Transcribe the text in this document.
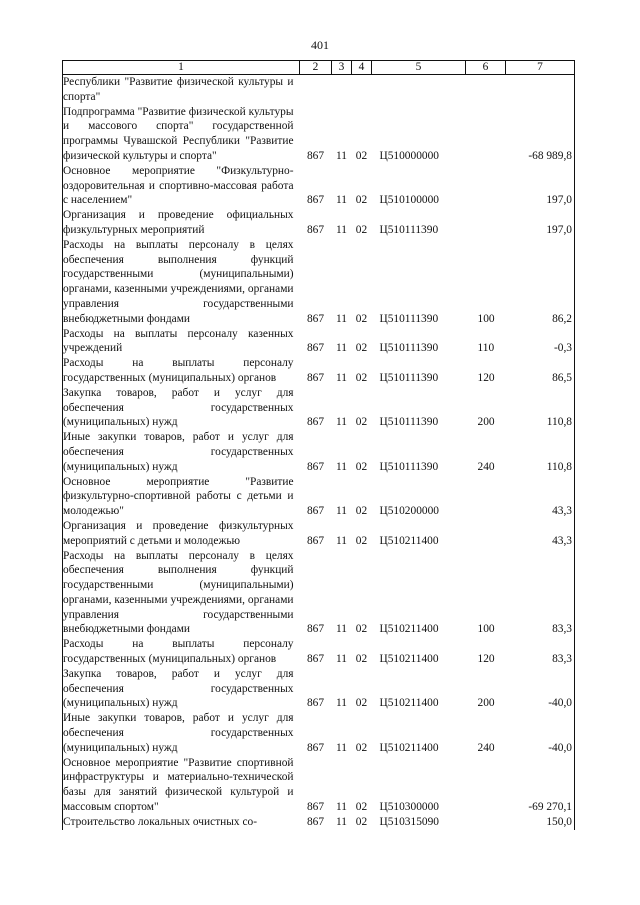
401
1	2	3	4	5	6	7
Республики "Развитие физической культуры и спорта"						
Подпрограмма "Развитие физической культуры и массового спорта" государственной программы Чувашской Республики "Развитие физической культуры и спорта"	867	11	02	Ц510000000		-68 989,8
Основное мероприятие "Физкультурно-оздоровительная и спортивно-массовая работа с населением"	867	11	02	Ц510100000		197,0
Организация и проведение официальных физкультурных мероприятий	867	11	02	Ц510111390		197,0
Расходы на выплаты персоналу в целях обеспечения выполнения функций государственными (муниципальными) органами, казенными учреждениями, органами управления государственными внебюджетными фондами	867	11	02	Ц510111390	100	86,2
Расходы на выплаты персоналу казенных учреждений	867	11	02	Ц510111390	110	-0,3
Расходы на выплаты персоналу государственных (муниципальных) органов	867	11	02	Ц510111390	120	86,5
Закупка товаров, работ и услуг для обеспечения государственных (муниципальных) нужд	867	11	02	Ц510111390	200	110,8
Иные закупки товаров, работ и услуг для обеспечения государственных (муниципальных) нужд	867	11	02	Ц510111390	240	110,8
Основное мероприятие "Развитие физкультурно-спортивной работы с детьми и молодежью"	867	11	02	Ц510200000		43,3
Организация и проведение физкультурных мероприятий с детьми и молодежью	867	11	02	Ц510211400		43,3
Расходы на выплаты персоналу в целях обеспечения выполнения функций государственными (муниципальными) органами, казенными учреждениями, органами управления государственными внебюджетными фондами	867	11	02	Ц510211400	100	83,3
Расходы на выплаты персоналу государственных (муниципальных) органов	867	11	02	Ц510211400	120	83,3
Закупка товаров, работ и услуг для обеспечения государственных (муниципальных) нужд	867	11	02	Ц510211400	200	-40,0
Иные закупки товаров, работ и услуг для обеспечения государственных (муниципальных) нужд	867	11	02	Ц510211400	240	-40,0
Основное мероприятие "Развитие спортивной инфраструктуры и материально-технической базы для занятий физической культурой и массовым спортом"	867	11	02	Ц510300000		-69 270,1
Строительство локальных очистных со-	867	11	02	Ц510315090		150,0
